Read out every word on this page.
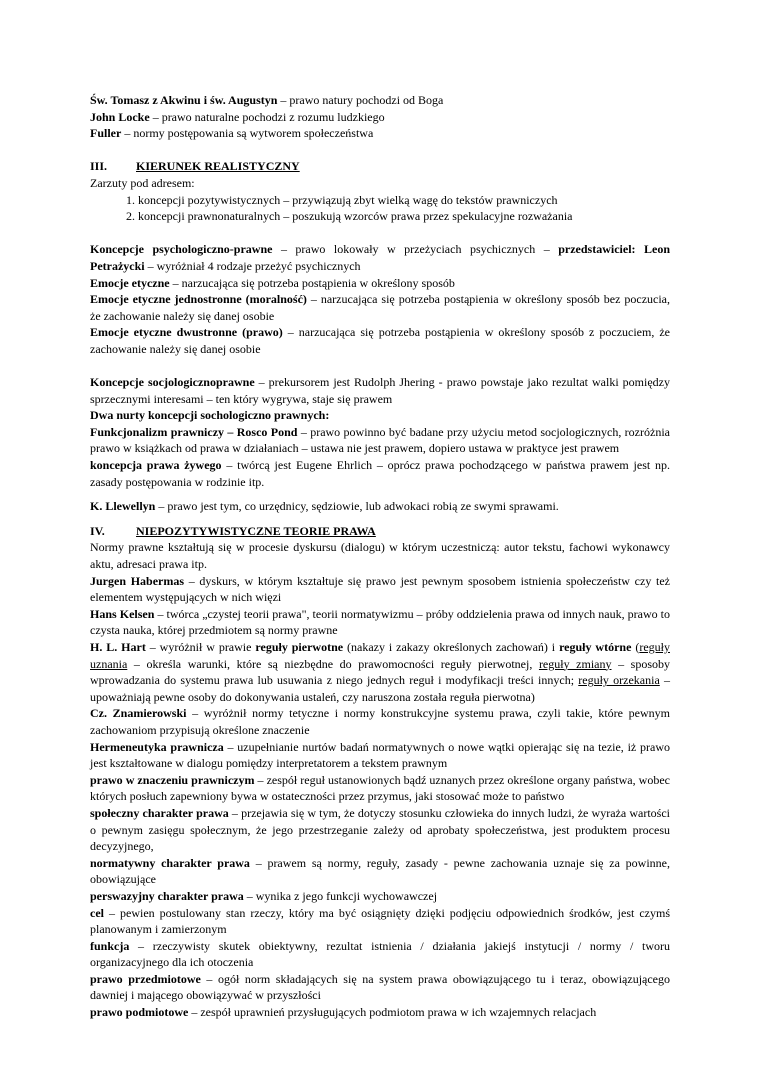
Św. Tomasz z Akwinu i św. Augustyn – prawo natury pochodzi od Boga

John Locke – prawo naturalne pochodzi z rozumu ludzkiego

Fuller – normy postępowania są wytworem społeczeństwa

III. KIERUNEK REALISTYCZNY

Zarzuty pod adresem:

1. koncepcji pozytywistycznych – przywiązują zbyt wielką wagę do tekstów prawniczych
2. koncepcji prawnonaturalnych – poszukują wzorców prawa przez spekulacyjne rozważania

Koncepcje psychologiczno-prawne – prawo lokowały w przeżyciach psychicznych – przedstawiciel: Leon Petrażycki – wyróżniał 4 rodzaje przeżyć psychicznych

Emocje etyczne – narzucająca się potrzeba postąpienia w określony sposób

Emocje etyczne jednostronne (moralność) – narzucająca się potrzeba postąpienia w określony sposób bez poczucia, że zachowanie należy się danej osobie

Emocje etyczne dwustronne (prawo) – narzucająca się potrzeba postąpienia w określony sposób z poczuciem, że zachowanie należy się danej osobie

Koncepcje socjologicznoprawne – prekursorem jest Rudolph Jhering - prawo powstaje jako rezultat walki pomiędzy sprzecznymi interesami – ten który wygrywa, staje się prawem

Dwa nurty koncepcji sochologiczno prawnych:

Funkcjonalizm prawniczy – Rosco Pond – prawo powinno być badane przy użyciu metod socjologicznych, rozróżnia prawo w książkach od prawa w działaniach – ustawa nie jest prawem, dopiero ustawa w praktyce jest prawem

koncepcja prawa żywego – twórcą jest Eugene Ehrlich – oprócz prawa pochodzącego w państwa prawem jest np. zasady postępowania w rodzinie itp.

K. Llewellyn – prawo jest tym, co urzędnicy, sędziowie, lub adwokaci robią ze swymi sprawami.

IV.	NIEPOZYTYWISTYCZNE TEORIE PRAWA

Normy prawne kształtują się w procesie dyskursu (dialogu) w którym uczestniczą: autor tekstu, fachowi wykonawcy aktu, adresaci prawa itp.

Jurgen Habermas – dyskurs, w którym kształtuje się prawo jest pewnym sposobem istnienia społeczeństw czy też elementem występujących w nich więzi

Hans Kelsen – twórca „czystej teorii prawa", teorii normatywizmu – próby oddzielenia prawa od innych nauk, prawo to czysta nauka, której przedmiotem są normy prawne

H. L. Hart – wyróżnił w prawie reguły pierwotne (nakazy i zakazy określonych zachowań) i reguły wtórne (reguły uznania – określa warunki, które są niezbędne do prawomocności reguły pierwotnej, reguły zmiany – sposoby wprowadzania do systemu prawa lub usuwania z niego jednych reguł i modyfikacji treści innych; reguły orzekania – upoważniają pewne osoby do dokonywania ustaleń, czy naruszona została reguła pierwotna)

Cz. Znamierowski – wyróżnił normy tetyczne i normy konstrukcyjne systemu prawa, czyli takie, które pewnym zachowaniom przypisują określone znaczenie

Hermeneutyka prawnicza – uzupełnianie nurtów badań normatywnych o nowe wątki opierając się na tezie, iż prawo jest kształtowane w dialogu pomiędzy interpretatorem a tekstem prawnym

prawo w znaczeniu prawniczym – zespół reguł ustanowionych bądź uznanych przez określone organy państwa, wobec których posłuch zapewniony bywa w ostateczności przez przymus, jaki stosować może to państwo

społeczny charakter prawa – przejawia się w tym, że dotyczy stosunku człowieka do innych ludzi, że wyraża wartości o pewnym zasięgu społecznym, że jego przestrzeganie zależy od aprobaty społeczeństwa, jest produktem procesu decyzyjnego,

normatywny charakter prawa – prawem są normy, reguły, zasady - pewne zachowania uznaje się za powinne, obowiązujące

perswazyjny charakter prawa – wynika z jego funkcji wychowawczej

cel – pewien postulowany stan rzeczy, który ma być osiągnięty dzięki podjęciu odpowiednich środków, jest czymś planowanym i zamierzonym

funkcja – rzeczywisty skutek obiektywny, rezultat istnienia / działania jakiejś instytucji / normy / tworu organizacyjnego dla ich otoczenia

prawo przedmiotowe – ogół norm składających się na system prawa obowiązującego tu i teraz, obowiązującego dawniej i mającego obowiązywać w przyszłości

prawo podmiotowe – zespół uprawnień przysługujących podmiotom prawa w ich wzajemnych relacjach
